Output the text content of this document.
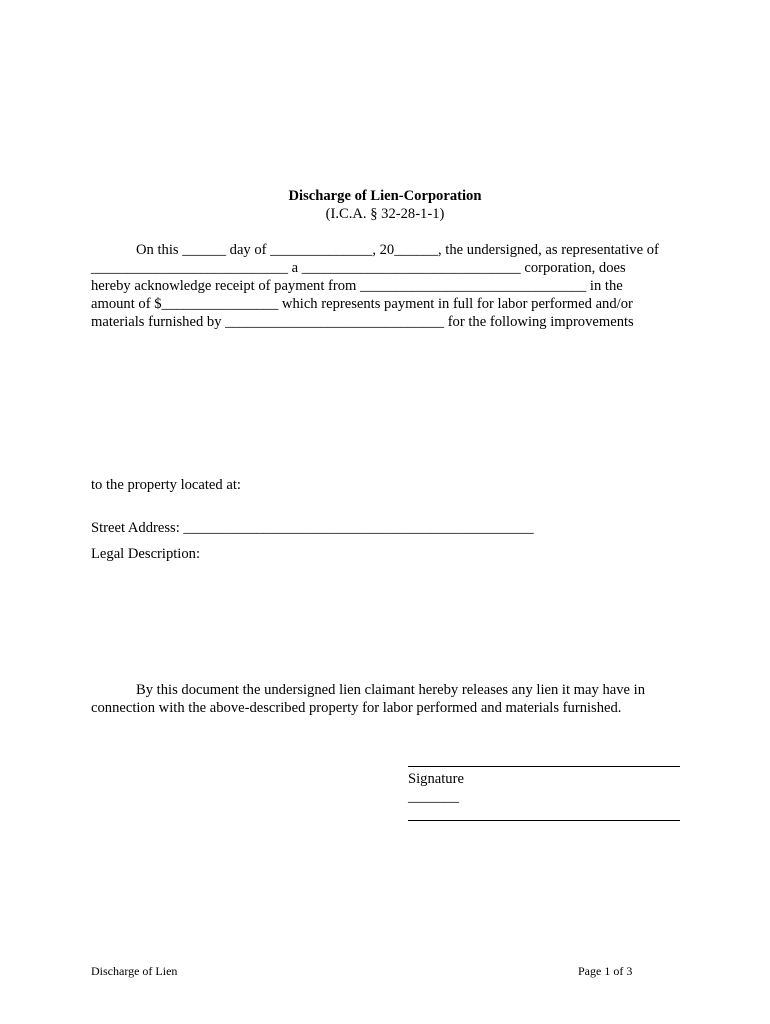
Discharge of Lien-Corporation
(I.C.A. § 32-28-1-1)
On this ______ day of ______________, 20______, the undersigned, as representative of
___________________________ a ______________________________ corporation, does
hereby acknowledge receipt of payment from _______________________________ in the
amount of $________________ which represents payment in full for labor performed and/or
materials furnished by ______________________________ for the following improvements
to the property located at:
Street Address: ________________________________________________
Legal Description:
By this document the undersigned lien claimant hereby releases any lien it may have in
connection with the above-described property for labor performed and materials furnished.
Signature
_______
Discharge of Lien	Page 1 of 3
